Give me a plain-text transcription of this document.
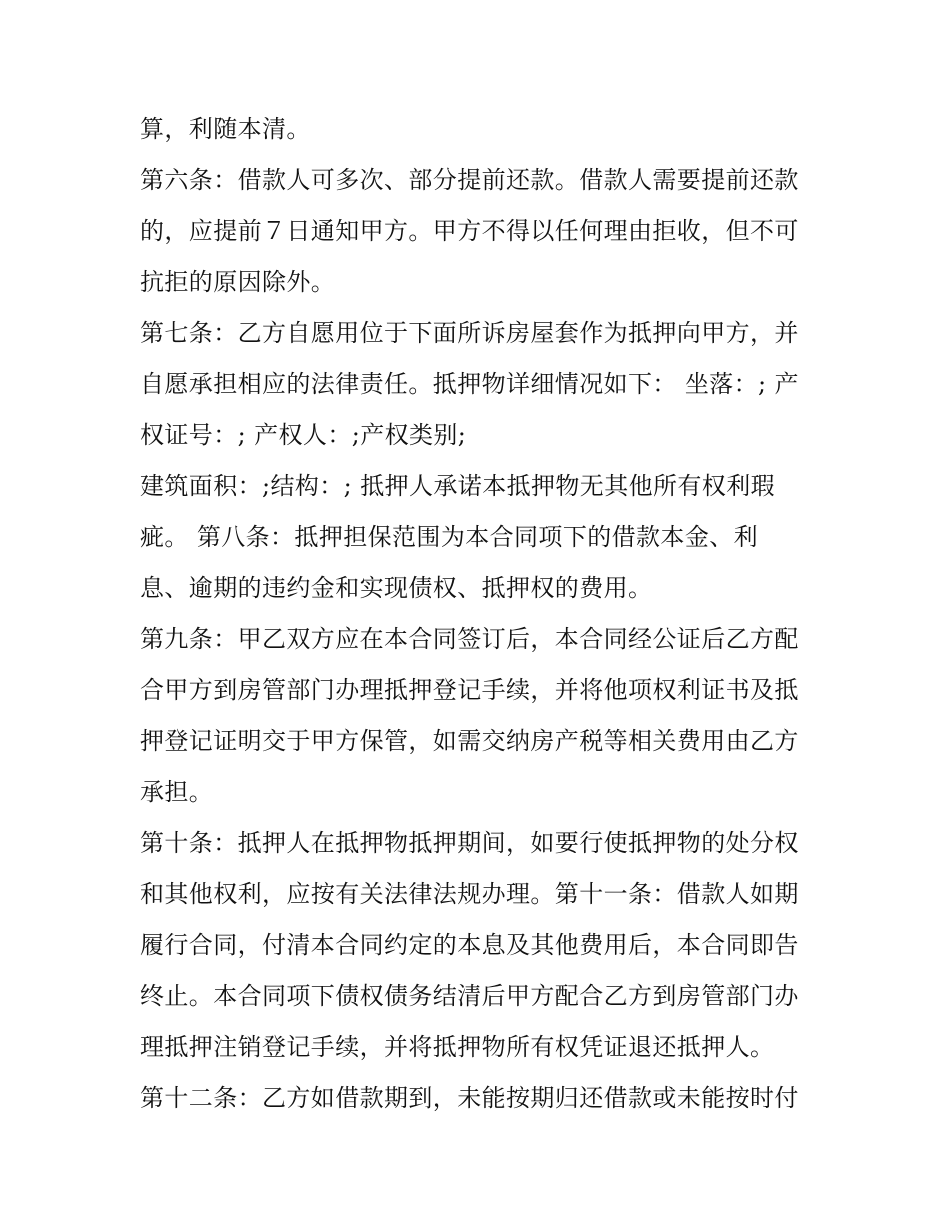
算，利随本清。
第六条：借款人可多次、部分提前还款。借款人需要提前还款
的，应提前７日通知甲方。甲方不得以任何理由拒收，但不可
抗拒的原因除外。
第七条：乙方自愿用位于下面所诉房屋套作为抵押向甲方，并
自愿承担相应的法律责任。抵押物详细情况如下： 坐落：; 产
权证号：; 产权人：;产权类别;
建筑面积：;结构：; 抵押人承诺本抵押物无其他所有权利瑕
疵。 第八条：抵押担保范围为本合同项下的借款本金、利
息、逾期的违约金和实现债权、抵押权的费用。
第九条：甲乙双方应在本合同签订后，本合同经公证后乙方配
合甲方到房管部门办理抵押登记手续，并将他项权利证书及抵
押登记证明交于甲方保管，如需交纳房产税等相关费用由乙方
承担。
第十条：抵押人在抵押物抵押期间，如要行使抵押物的处分权
和其他权利，应按有关法律法规办理。第十一条：借款人如期
履行合同，付清本合同约定的本息及其他费用后，本合同即告
终止。本合同项下债权债务结清后甲方配合乙方到房管部门办
理抵押注销登记手续，并将抵押物所有权凭证退还抵押人。
第十二条：乙方如借款期到，未能按期归还借款或未能按时付
